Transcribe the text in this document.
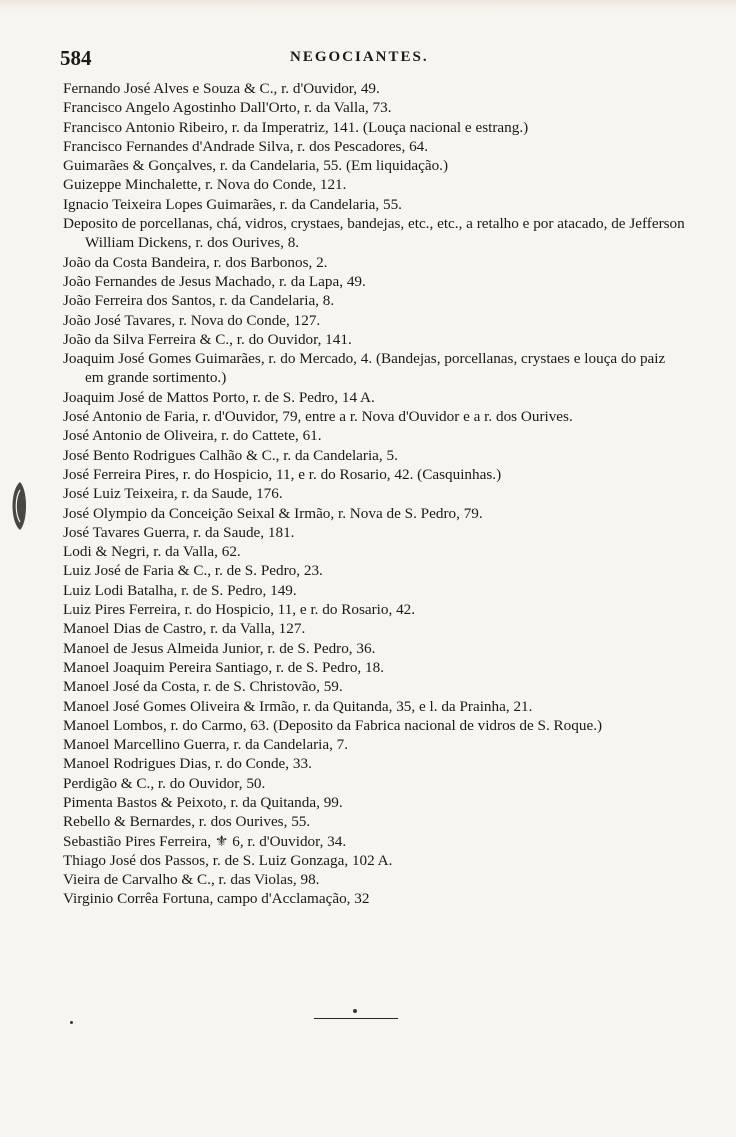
584	NEGOCIANTES.
Fernando José Alves e Souza & C., r. d'Ouvidor, 49.
Francisco Angelo Agostinho Dall'Orto, r. da Valla, 73.
Francisco Antonio Ribeiro, r. da Imperatriz, 141. (Louça nacional e estrang.)
Francisco Fernandes d'Andrade Silva, r. dos Pescadores, 64.
Guimarães & Gonçalves, r. da Candelaria, 55. (Em liquidação.)
Guizeppe Minchalette, r. Nova do Conde, 121.
Ignacio Teixeira Lopes Guimarães, r. da Candelaria, 55.
Deposito de porcellanas, chá, vidros, crystaes, bandejas, etc., etc., a retalho e por atacado, de Jefferson William Dickens, r. dos Ourives, 8.
João da Costa Bandeira, r. dos Barbonos, 2.
João Fernandes de Jesus Machado, r. da Lapa, 49.
João Ferreira dos Santos, r. da Candelaria, 8.
João José Tavares, r. Nova do Conde, 127.
João da Silva Ferreira & C., r. do Ouvidor, 141.
Joaquim José Gomes Guimarães, r. do Mercado, 4. (Bandejas, porcellanas, crystaes e louça do paiz em grande sortimento.)
Joaquim José de Mattos Porto, r. de S. Pedro, 14 A.
José Antonio de Faria, r. d'Ouvidor, 79, entre a r. Nova d'Ouvidor e a r. dos Ourives.
José Antonio de Oliveira, r. do Cattete, 61.
José Bento Rodrigues Calhão & C., r. da Candelaria, 5.
José Ferreira Pires, r. do Hospicio, 11, e r. do Rosario, 42. (Casquinhas.)
José Luiz Teixeira, r. da Saude, 176.
José Olympio da Conceição Seixal & Irmão, r. Nova de S. Pedro, 79.
José Tavares Guerra, r. da Saude, 181.
Lodi & Negri, r. da Valla, 62.
Luiz José de Faria & C., r. de S. Pedro, 23.
Luiz Lodi Batalha, r. de S. Pedro, 149.
Luiz Pires Ferreira, r. do Hospicio, 11, e r. do Rosario, 42.
Manoel Dias de Castro, r. da Valla, 127.
Manoel de Jesus Almeida Junior, r. de S. Pedro, 36.
Manoel Joaquim Pereira Santiago, r. de S. Pedro, 18.
Manoel José da Costa, r. de S. Christovão, 59.
Manoel José Gomes Oliveira & Irmão, r. da Quitanda, 35, e l. da Prainha, 21.
Manoel Lombos, r. do Carmo, 63. (Deposito da Fabrica nacional de vidros de S. Roque.)
Manoel Marcellino Guerra, r. da Candelaria, 7.
Manoel Rodrigues Dias, r. do Conde, 33.
Perdigão & C., r. do Ouvidor, 50.
Pimenta Bastos & Peixoto, r. da Quitanda, 99.
Rebello & Bernardes, r. dos Ourives, 55.
Sebastião Pires Ferreira, ⚜ 6, r. d'Ouvidor, 34.
Thiago José dos Passos, r. de S. Luiz Gonzaga, 102 A.
Vieira de Carvalho & C., r. das Violas, 98.
Virginio Corrêa Fortuna, campo d'Acclamação, 32
